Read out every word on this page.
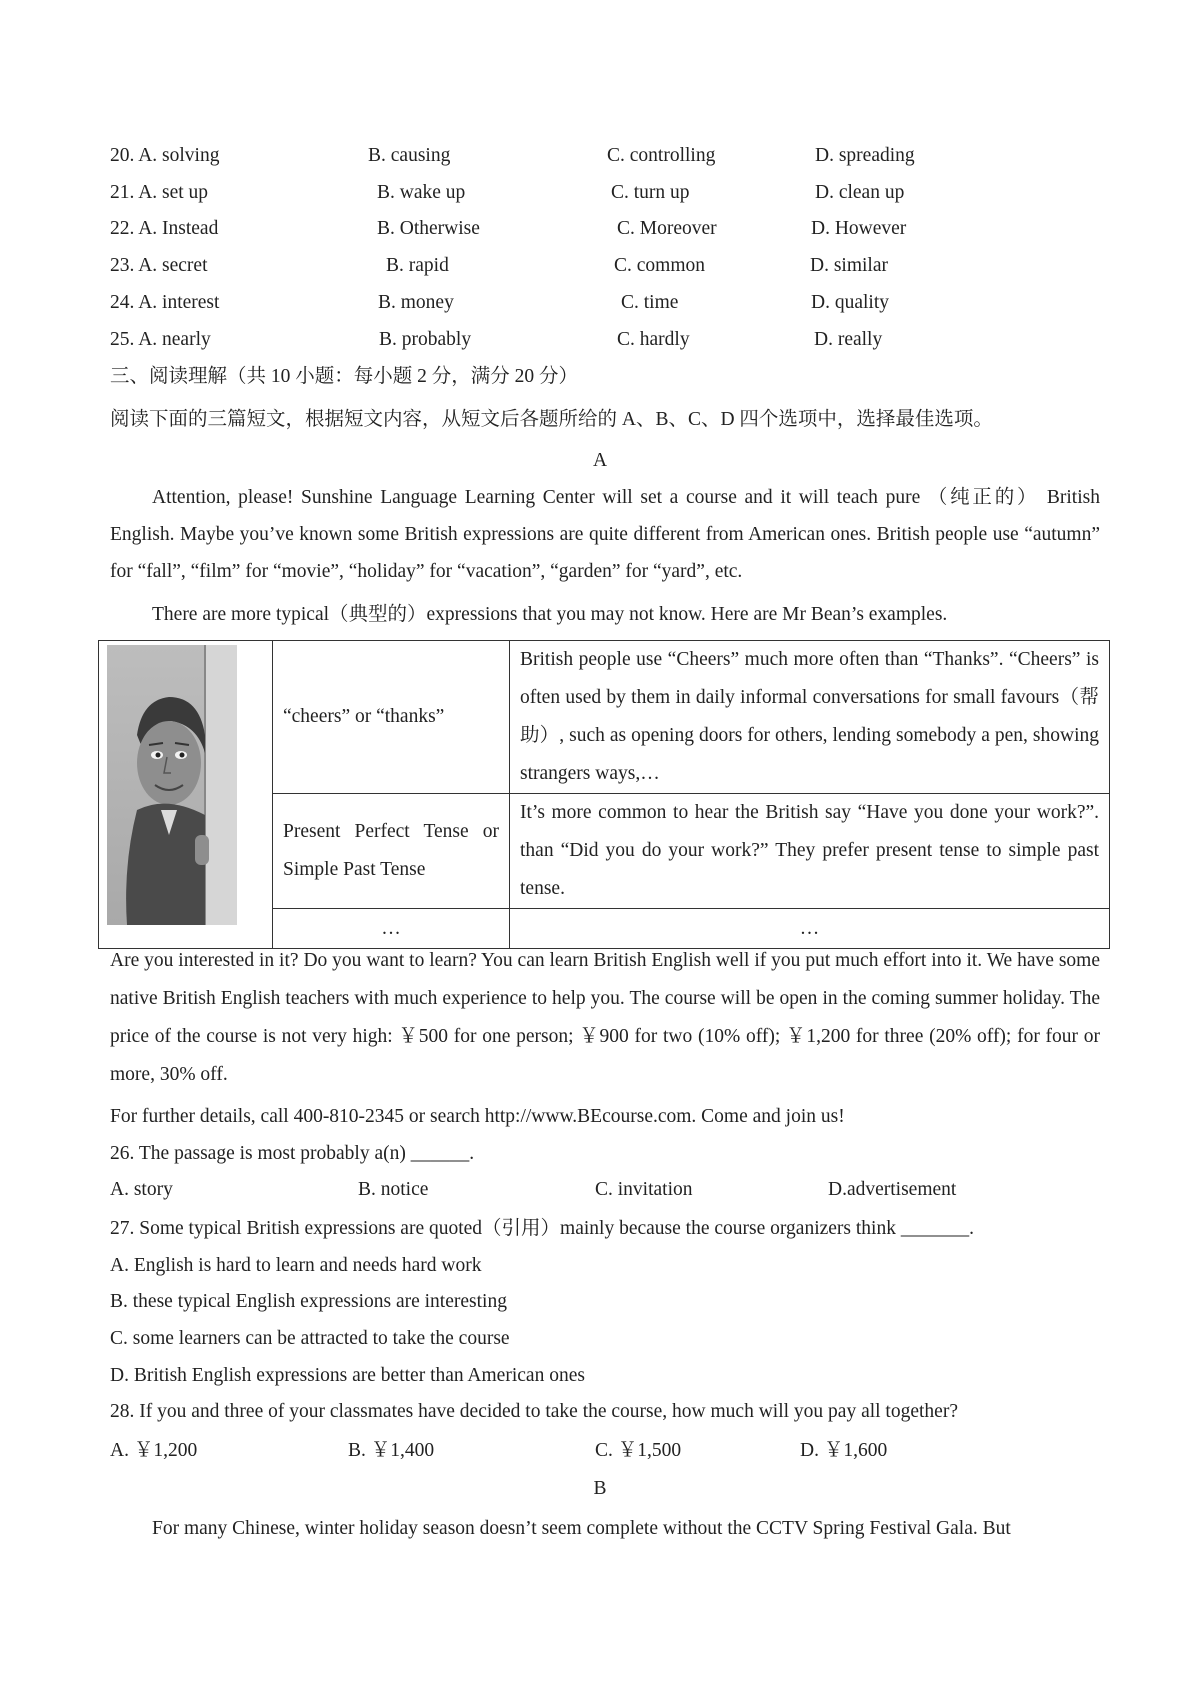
20. A. solving	B. causing	C. controlling	D. spreading
21. A. set up	B. wake up	C. turn up	D. clean up
22. A. Instead	B. Otherwise	C. Moreover	D. However
23. A. secret	B. rapid	C. common	D. similar
24. A. interest	B. money	C. time	D. quality
25. A. nearly	B. probably	C. hardly	D. really
三、阅读理解（共 10 小题：每小题 2 分，满分 20 分）
阅读下面的三篇短文，根据短文内容，从短文后各题所给的 A、B、C、D 四个选项中，选择最佳选项。
A
Attention, please! Sunshine Language Learning Center will set a course and it will teach pure （纯正的） British English. Maybe you’ve known some British expressions are quite different from American ones. British people use “autumn” for “fall”, “film” for “movie”, “holiday” for “vacation”, “garden” for “yard”, etc.
There are more typical（典型的）expressions that you may not know. Here are Mr Bean’s examples.

“cheers” or “thanks”	British people use “Cheers” much more often than “Thanks”. “Cheers” is often used by them in daily informal conversations for small favours（帮助）, such as opening doors for others, lending somebody a pen, showing strangers ways,…

	Present Perfect Tense or Simple Past Tense	It’s more common to hear the British say “Have you done your work?”. than “Did you do your work?” They prefer present tense to simple past tense.

	…	…
Are you interested in it? Do you want to learn? You can learn British English well if you put much effort into it. We have some native British English teachers with much experience to help you. The course will be open in the coming summer holiday. The price of the course is not very high: ￥500 for one person; ￥900 for two (10% off); ￥1,200 for three (20% off); for four or more, 30% off.
For further details, call 400-810-2345 or search http://www.BEcourse.com. Come and join us!
26. The passage is most probably a(n) ______.
A. story	B. notice	C. invitation	D.advertisement
27. Some typical British expressions are quoted（引用）mainly because the course organizers think _______.
A. English is hard to learn and needs hard work
B. these typical English expressions are interesting
C. some learners can be attracted to take the course
D. British English expressions are better than American ones
28. If you and three of your classmates have decided to take the course, how much will you pay all together?
A. ￥1,200	B. ￥1,400	C. ￥1,500	D. ￥1,600
B
For many Chinese, winter holiday season doesn’t seem complete without the CCTV Spring Festival Gala. But
